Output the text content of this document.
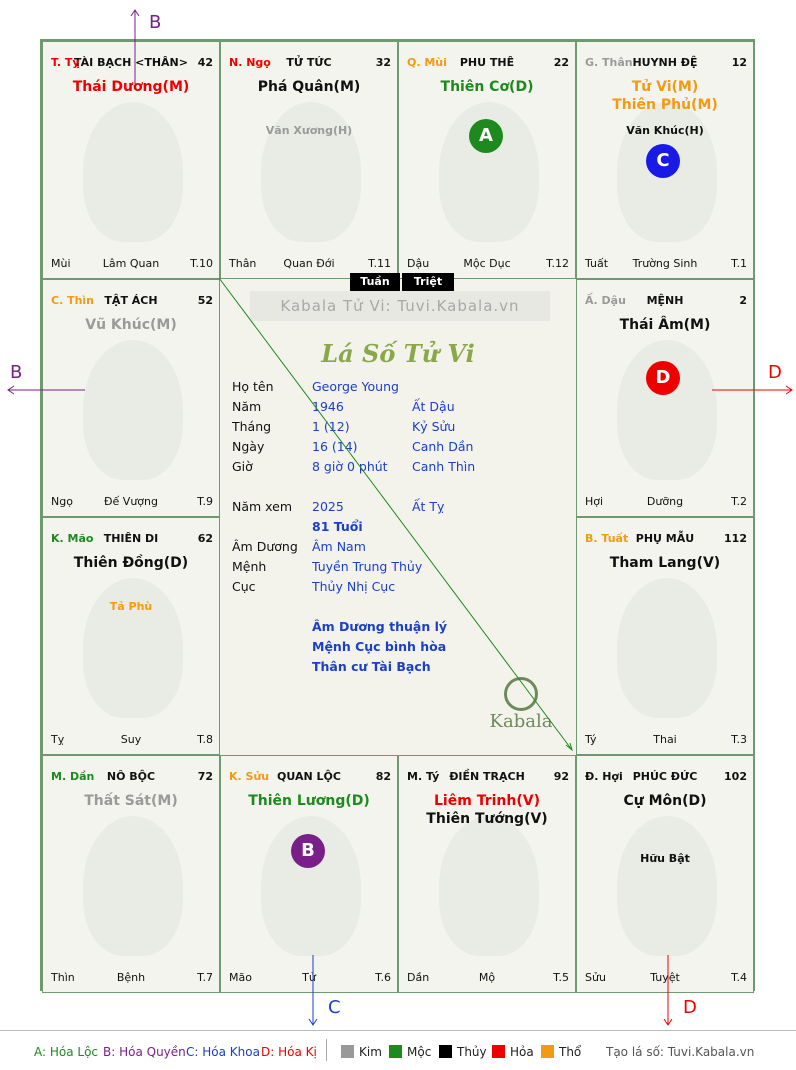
B
B	D
C	D
TÀI BẠCH <THÂN>
T. Tỵ	42
Thái Dương(M)
Mùi	Lâm Quan	T.10
TỬ TỨC
N. Ngọ	32
Phá Quân(M)
Văn Xương(H)
Thân	Quan Đới	T.11
PHU THÊ
Q. Mùi	22
Thiên Cơ(D)
Dậu	Mộc Dục	T.12
HUYNH ĐỆ
G. Thân	12
Tử Vi(M)
Thiên Phủ(M)
Văn Khúc(H)
Tuất	Trường Sinh	T.1
TẬT ÁCH
C. Thìn	52
Vũ Khúc(M)
Ngọ	Đế Vượng	T.9
MỆNH
Ấ. Dậu	2
Thái Âm(M)
Hợi	Dưỡng	T.2
THIÊN DI
K. Mão	62
Thiên Đồng(D)
Tả Phù
Tỵ	Suy	T.8
PHỤ MẪU
B. Tuất	112
Tham Lang(V)
Tý	Thai	T.3
NÔ BỘC
M. Dần	72
Thất Sát(M)
Thìn	Bệnh	T.7
QUAN LỘC
K. Sửu	82
Thiên Lương(D)
Mão	Tử	T.6
ĐIỀN TRẠCH
M. Tý	92
Liêm Trinh(V)
Thiên Tướng(V)
Dần	Mộ	T.5
PHÚC ĐỨC
Đ. Hợi	102
Cự Môn(D)
Hữu Bật
Sửu	Tuyệt	T.4
A
C
D
B
Tuần	Triệt
Kabala Tử Vi: Tuvi.Kabala.vn
Lá Số Tử Vi
Họ tên	George Young
Năm	1946	Ất Dậu
Tháng	1 (12)	Kỷ Sửu
Ngày	16 (14)	Canh Dần
Giờ	8 giờ 0 phút	Canh Thìn
Năm xem	2025	Ất Tỵ
81 Tuổi
Âm Dương	Âm Nam
Mệnh	Tuyền Trung Thủy
Cục	Thủy Nhị Cục
Âm Dương thuận lý
Mệnh Cục bình hòa
Thân cư Tài Bạch
Kabala
A: Hóa Lộc B: Hóa Quyền C: Hóa Khoa D: Hóa Kị	Kim	Mộc	Thủy	Hỏa	Thổ Tạo lá số: Tuvi.Kabala.vn
